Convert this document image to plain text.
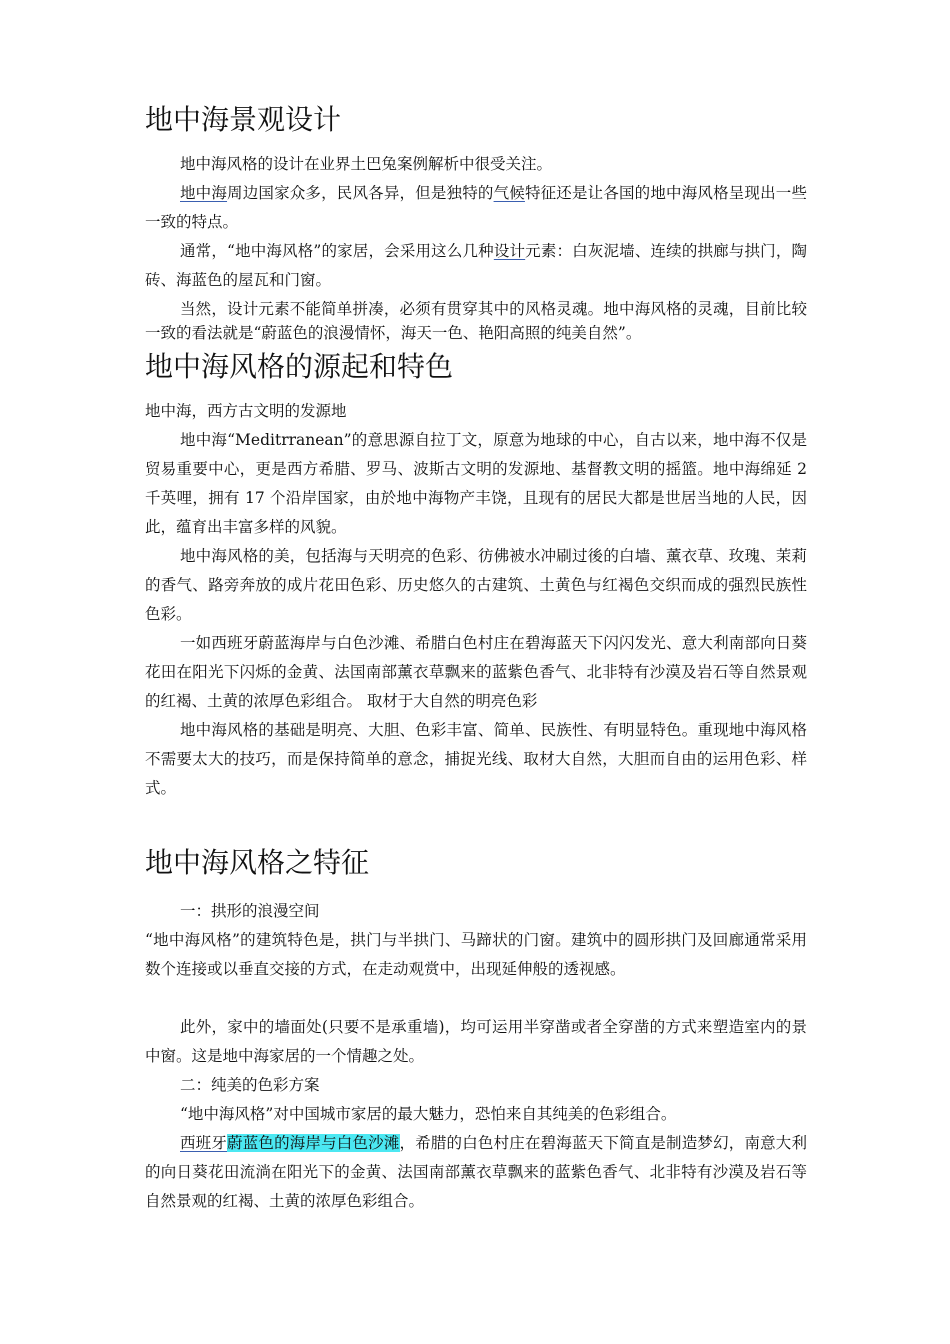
地中海景观设计

地中海风格的设计在业界土巴兔案例解析中很受关注。

地中海周边国家众多，民风各异，但是独特的气候特征还是让各国的地中海风格呈现出一些一致的特点。

通常，“地中海风格”的家居，会采用这么几种设计元素：白灰泥墙、连续的拱廊与拱门，陶砖、海蓝色的屋瓦和门窗。

当然，设计元素不能简单拼凑，必须有贯穿其中的风格灵魂。地中海风格的灵魂，目前比较一致的看法就是“蔚蓝色的浪漫情怀，海天一色、艳阳高照的纯美自然”。

地中海风格的源起和特色

地中海，西方古文明的发源地

地中海“Meditrranean”的意思源自拉丁文，原意为地球的中心，自古以来，地中海不仅是贸易重要中心，更是西方希腊、罗马、波斯古文明的发源地、基督教文明的摇篮。地中海绵延 2 千英哩，拥有 17 个沿岸国家，由於地中海物产丰饶，且现有的居民大都是世居当地的人民，因此，蕴育出丰富多样的风貌。

地中海风格的美，包括海与天明亮的色彩、彷佛被水冲刷过後的白墙、薰衣草、玫瑰、茉莉的香气、路旁奔放的成片花田色彩、历史悠久的古建筑、土黄色与红褐色交织而成的强烈民族性色彩。

一如西班牙蔚蓝海岸与白色沙滩、希腊白色村庄在碧海蓝天下闪闪发光、意大利南部向日葵花田在阳光下闪烁的金黄、法国南部薰衣草飘来的蓝紫色香气、北非特有沙漠及岩石等自然景观的红褐、土黄的浓厚色彩组合。 取材于大自然的明亮色彩

地中海风格的基础是明亮、大胆、色彩丰富、简单、民族性、有明显特色。重现地中海风格不需要太大的技巧，而是保持简单的意念，捕捉光线、取材大自然，大胆而自由的运用色彩、样式。

地中海风格之特征

一：拱形的浪漫空间

“地中海风格”的建筑特色是，拱门与半拱门、马蹄状的门窗。建筑中的圆形拱门及回廊通常采用数个连接或以垂直交接的方式，在走动观赏中，出现延伸般的透视感。

此外，家中的墙面处(只要不是承重墙)，均可运用半穿凿或者全穿凿的方式来塑造室内的景中窗。这是地中海家居的一个情趣之处。

二：纯美的色彩方案

“地中海风格”对中国城市家居的最大魅力，恐怕来自其纯美的色彩组合。

西班牙蔚蓝色的海岸与白色沙滩，希腊的白色村庄在碧海蓝天下简直是制造梦幻，南意大利的向日葵花田流淌在阳光下的金黄、法国南部薰衣草飘来的蓝紫色香气、北非特有沙漠及岩石等自然景观的红褐、土黄的浓厚色彩组合。
